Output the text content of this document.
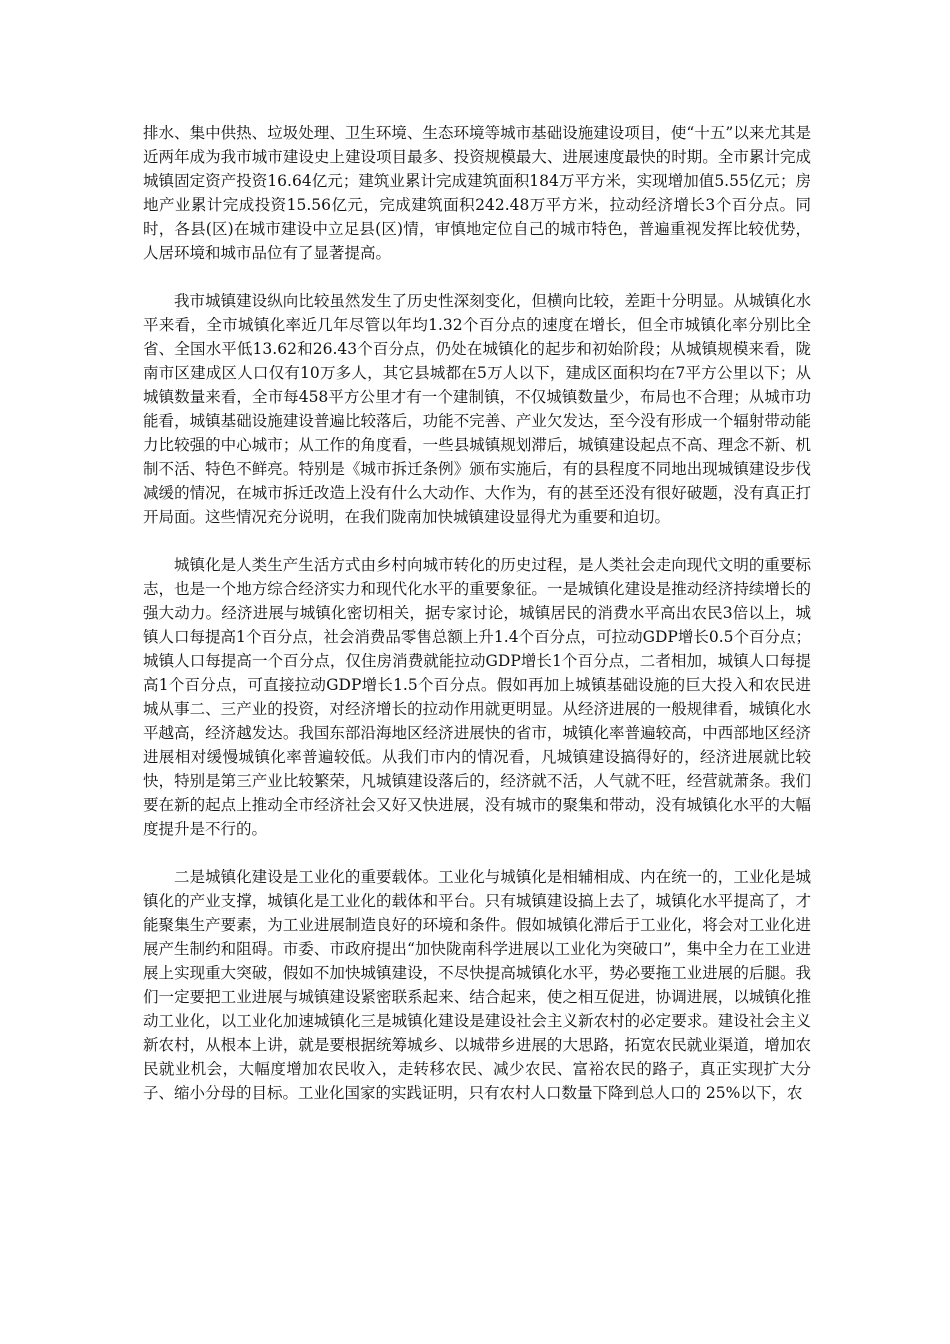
排水、集中供热、垃圾处理、卫生环境、生态环境等城市基础设施建设项目，使“十五”以来尤其是近两年成为我市城市建设史上建设项目最多、投资规模最大、进展速度最快的时期。全市累计完成城镇固定资产投资16.64亿元；建筑业累计完成建筑面积184万平方米，实现增加值5.55亿元；房地产业累计完成投资15.56亿元，完成建筑面积242.48万平方米，拉动经济增长3个百分点。同时，各县(区)在城市建设中立足县(区)情，审慎地定位自己的城市特色，普遍重视发挥比较优势，人居环境和城市品位有了显著提高。

我市城镇建设纵向比较虽然发生了历史性深刻变化，但横向比较，差距十分明显。从城镇化水平来看，全市城镇化率近几年尽管以年均1.32个百分点的速度在增长，但全市城镇化率分别比全省、全国水平低13.62和26.43个百分点，仍处在城镇化的起步和初始阶段；从城镇规模来看，陇南市区建成区人口仅有10万多人，其它县城都在5万人以下，建成区面积均在7平方公里以下；从城镇数量来看，全市每458平方公里才有一个建制镇，不仅城镇数量少，布局也不合理；从城市功能看，城镇基础设施建设普遍比较落后，功能不完善、产业欠发达，至今没有形成一个辐射带动能力比较强的中心城市；从工作的角度看，一些县城镇规划滞后，城镇建设起点不高、理念不新、机制不活、特色不鲜亮。特别是《城市拆迁条例》颁布实施后，有的县程度不同地出现城镇建设步伐减缓的情况，在城市拆迁改造上没有什么大动作、大作为，有的甚至还没有很好破题，没有真正打开局面。这些情况充分说明，在我们陇南加快城镇建设显得尤为重要和迫切。

城镇化是人类生产生活方式由乡村向城市转化的历史过程，是人类社会走向现代文明的重要标志，也是一个地方综合经济实力和现代化水平的重要象征。一是城镇化建设是推动经济持续增长的强大动力。经济进展与城镇化密切相关，据专家讨论，城镇居民的消费水平高出农民3倍以上，城镇人口每提高1个百分点，社会消费品零售总额上升1.4个百分点，可拉动GDP增长0.5个百分点；城镇人口每提高一个百分点，仅住房消费就能拉动GDP增长1个百分点，二者相加，城镇人口每提高1个百分点，可直接拉动GDP增长1.5个百分点。假如再加上城镇基础设施的巨大投入和农民进城从事二、三产业的投资，对经济增长的拉动作用就更明显。从经济进展的一般规律看，城镇化水平越高，经济越发达。我国东部沿海地区经济进展快的省市，城镇化率普遍较高，中西部地区经济进展相对缓慢城镇化率普遍较低。从我们市内的情况看，凡城镇建设搞得好的，经济进展就比较快，特别是第三产业比较繁荣，凡城镇建设落后的，经济就不活，人气就不旺，经营就萧条。我们要在新的起点上推动全市经济社会又好又快进展，没有城市的聚集和带动，没有城镇化水平的大幅度提升是不行的。

二是城镇化建设是工业化的重要载体。工业化与城镇化是相辅相成、内在统一的，工业化是城镇化的产业支撑，城镇化是工业化的载体和平台。只有城镇建设搞上去了，城镇化水平提高了，才能聚集生产要素，为工业进展制造良好的环境和条件。假如城镇化滞后于工业化，将会对工业化进展产生制约和阻碍。市委、市政府提出“加快陇南科学进展以工业化为突破口”，集中全力在工业进展上实现重大突破，假如不加快城镇建设，不尽快提高城镇化水平，势必要拖工业进展的后腿。我们一定要把工业进展与城镇建设紧密联系起来、结合起来，使之相互促进，协调进展，以城镇化推动工业化，以工业化加速城镇化三是城镇化建设是建设社会主义新农村的必定要求。建设社会主义新农村，从根本上讲，就是要根据统筹城乡、以城带乡进展的大思路，拓宽农民就业渠道，增加农民就业机会，大幅度增加农民收入，走转移农民、减少农民、富裕农民的路子，真正实现扩大分子、缩小分母的目标。工业化国家的实践证明，只有农村人口数量下降到总人口的 25%以下，农
